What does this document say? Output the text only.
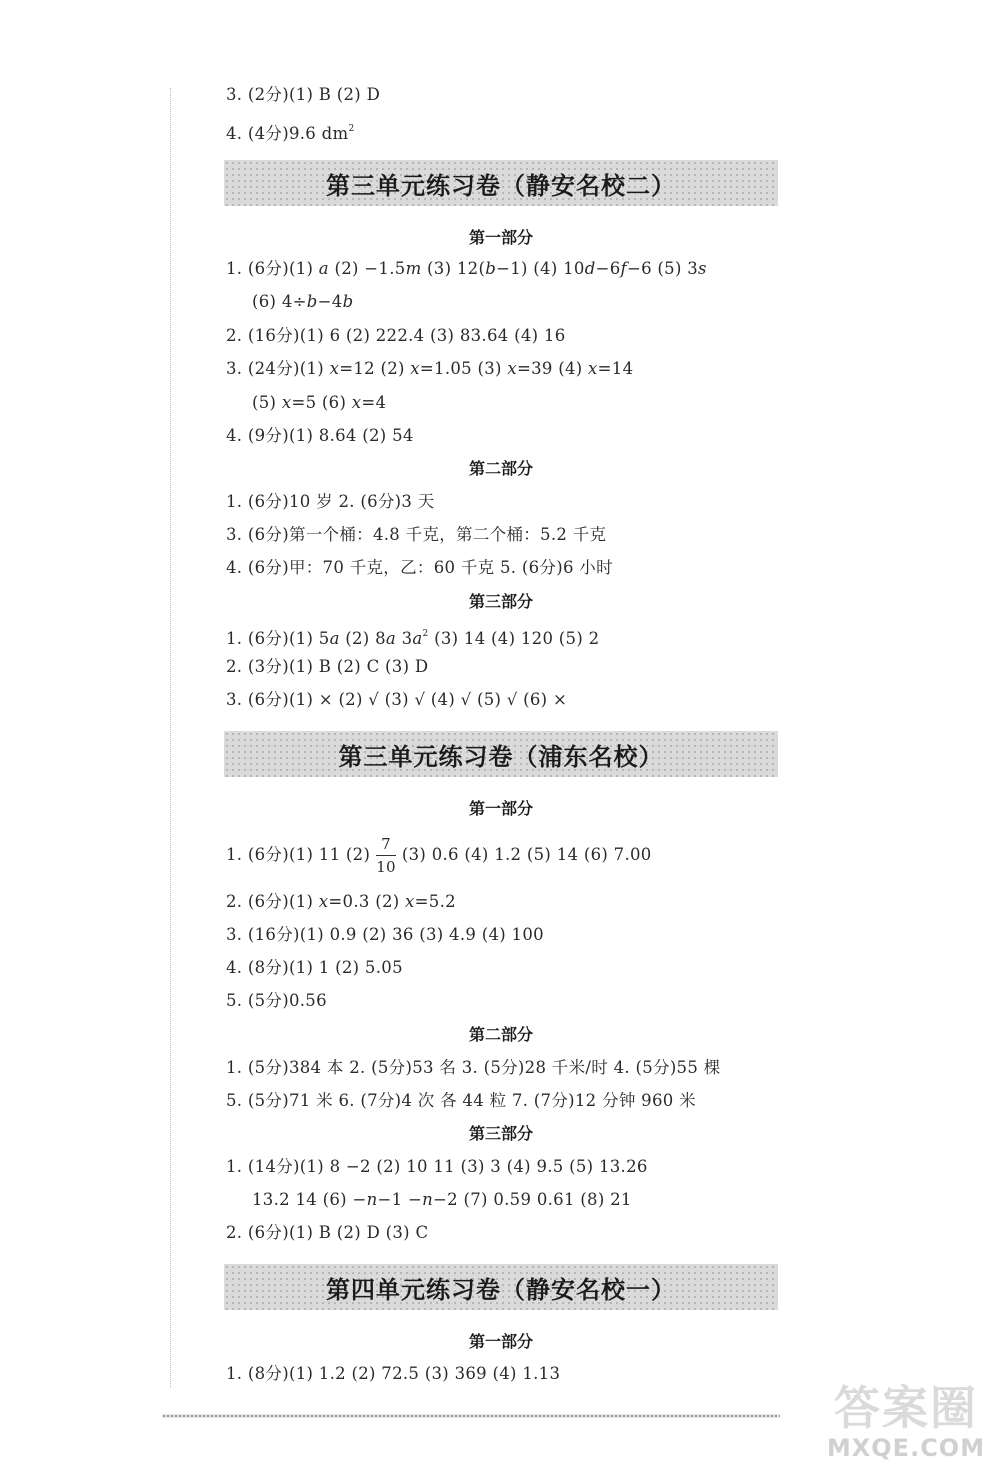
3. (2分)(1) B (2) D
4. (4分)9.6 $dm^2$
第三单元练习卷（静安名校二）
第一部分
1. (6分)(1) a (2) −1.5m (3) 12(b−1) (4) 10d−6f−6 (5) 3s
(6) 4÷b−4b
2. (16分)(1) 6 (2) 222.4 (3) 83.64 (4) 16
3. (24分)(1) x=12 (2) x=1.05 (3) x=39 (4) x=14
(5) x=5 (6) x=4
4. (9分)(1) 8.64 (2) 54
第二部分
1. (6分)10 岁 2. (6分)3 天
3. (6分)第一个桶：4.8 千克，第二个桶：5.2 千克
4. (6分)甲：70 千克，乙：60 千克 5. (6分)6 小时
第三部分
1. (6分)(1) 5a (2) 8a $3a^2$ (3) 14 (4) 120 (5) 2
2. (3分)(1) B (2) C (3) D
3. (6分)(1) × (2) √ (3) √ (4) √ (5) √ (6) ×
第三单元练习卷（浦东名校）
第一部分
1. (6分)(1) 11 $(2) \frac{7}{10} (3)$ 0.6 (4) 1.2 (5) 14 (6) 7.00
2. (6分)(1) x=0.3 (2) x=5.2
3. (16分)(1) 0.9 (2) 36 (3) 4.9 (4) 100
4. (8分)(1) 1 (2) 5.05
5. (5分)0.56
第二部分
1. (5分)384 本 2. (5分)53 名 3. (5分)28 千米/时 4. (5分)55 棵
5. (5分)71 米 6. (7分)4 次 各 44 粒 7. (7分)12 分钟 960 米
第三部分
1. (14分)(1) 8 −2 (2) 10 11 (3) 3 (4) 9.5 (5) 13.26
13.2 14 (6) −n−1 −n−2 (7) 0.59 0.61 (8) 21
2. (6分)(1) B (2) D (3) C
第四单元练习卷（静安名校一）
第一部分
1. (8分)(1) 1.2 (2) 72.5 (3) 369 (4) 1.13
答案圈
MXQE.COM
